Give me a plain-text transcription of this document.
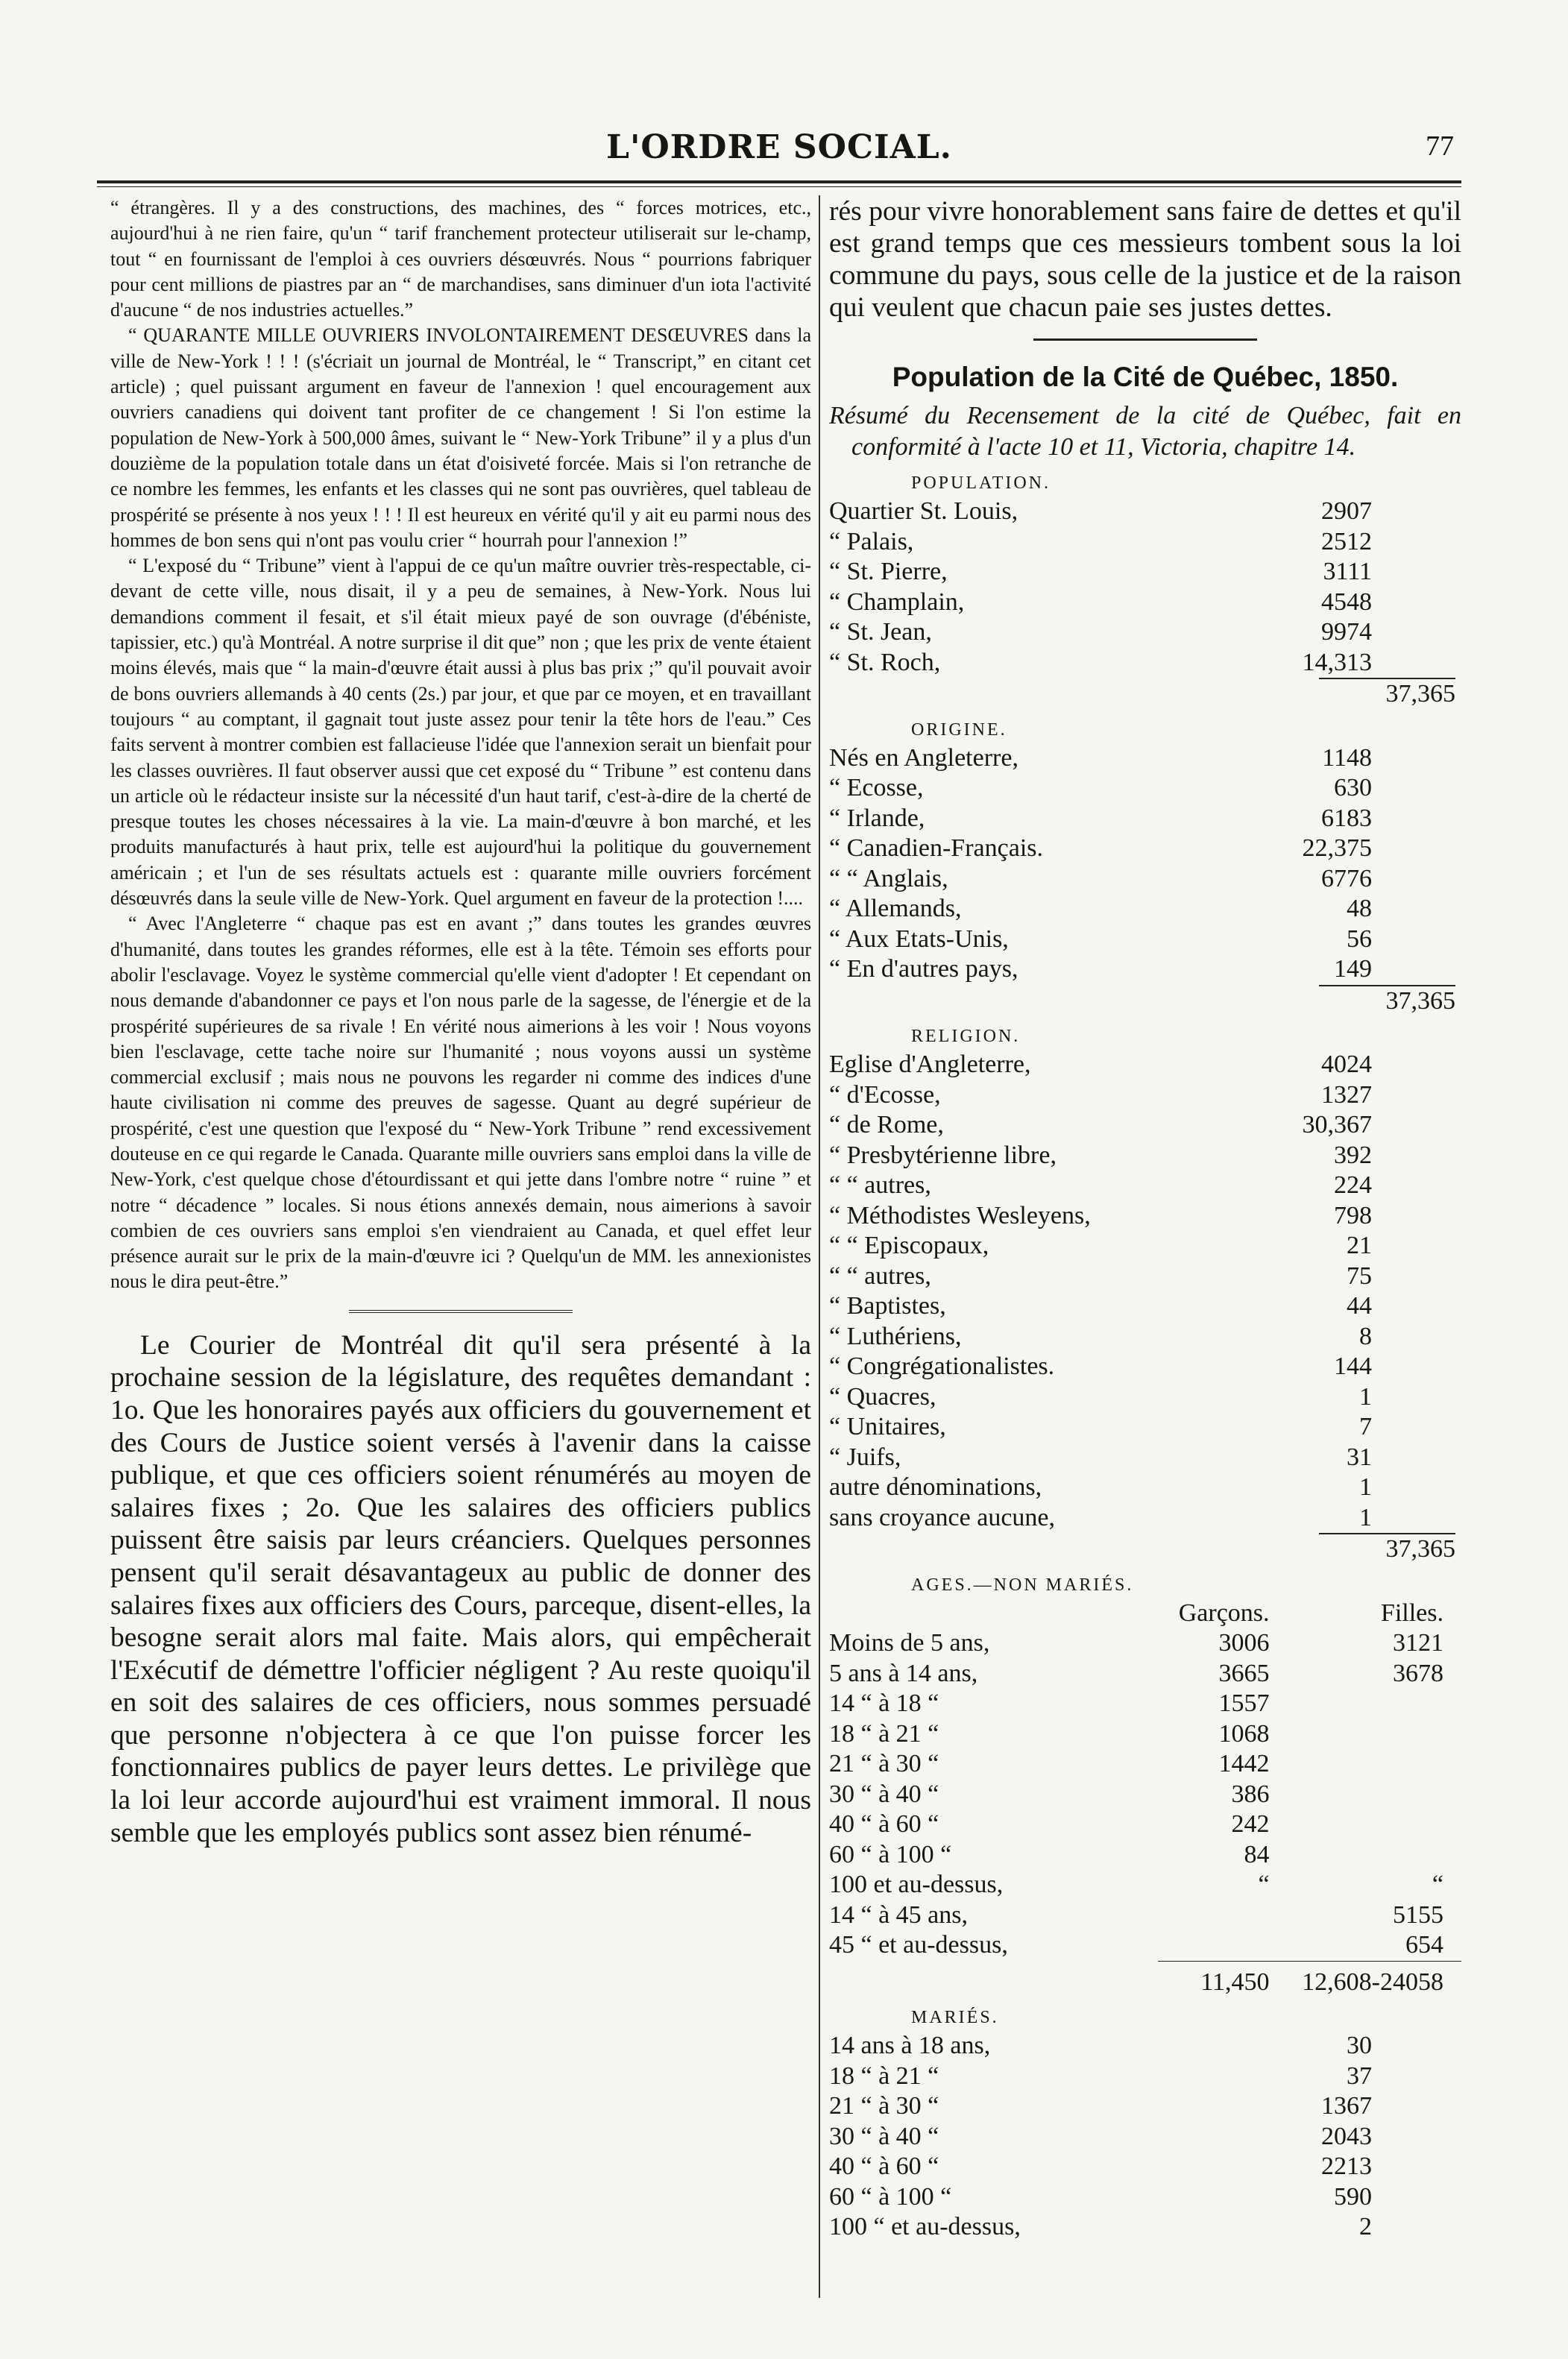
L'ORDRE SOCIAL.	77

“ étrangères. Il y a des constructions, des machines, des “ forces motrices, etc., aujourd'hui à ne rien faire, qu'un “ tarif franchement protecteur utiliserait sur le-champ, tout “ en fournissant de l'emploi à ces ouvriers désœuvrés. Nous “ pourrions fabriquer pour cent millions de piastres par an “ de marchandises, sans diminuer d'un iota l'activité d'aucune “ de nos industries actuelles.”

“ QUARANTE MILLE OUVRIERS INVOLONTAIREMENT DESŒUVRES dans la ville de New-York ! ! ! (s'écriait un journal de Montréal, le “ Transcript,” en citant cet article) ; quel puissant argument en faveur de l'annexion ! quel encouragement aux ouvriers canadiens qui doivent tant profiter de ce changement ! Si l'on estime la population de New-York à 500,000 âmes, suivant le “ New-York Tribune” il y a plus d'un douzième de la population totale dans un état d'oisiveté forcée. Mais si l'on retranche de ce nombre les femmes, les enfants et les classes qui ne sont pas ouvrières, quel tableau de prospérité se présente à nos yeux ! ! ! Il est heureux en vérité qu'il y ait eu parmi nous des hommes de bon sens qui n'ont pas voulu crier “ hourrah pour l'annexion !”

“ L'exposé du “ Tribune” vient à l'appui de ce qu'un maître ouvrier très-respectable, ci-devant de cette ville, nous disait, il y a peu de semaines, à New-York. Nous lui demandions comment il fesait, et s'il était mieux payé de son ouvrage (d'ébéniste, tapissier, etc.) qu'à Montréal. A notre surprise il dit que” non ; que les prix de vente étaient moins élevés, mais que “ la main-d'œuvre était aussi à plus bas prix ;” qu'il pouvait avoir de bons ouvriers allemands à 40 cents (2s.) par jour, et que par ce moyen, et en travaillant toujours “ au comptant, il gagnait tout juste assez pour tenir la tête hors de l'eau.” Ces faits servent à montrer combien est fallacieuse l'idée que l'annexion serait un bienfait pour les classes ouvrières. Il faut observer aussi que cet exposé du “ Tribune ” est contenu dans un article où le rédacteur insiste sur la nécessité d'un haut tarif, c'est-à-dire de la cherté de presque toutes les choses nécessaires à la vie. La main-d'œuvre à bon marché, et les produits manufacturés à haut prix, telle est aujourd'hui la politique du gouvernement américain ; et l'un de ses résultats actuels est : quarante mille ouvriers forcément désœuvrés dans la seule ville de New-York. Quel argument en faveur de la protection !....

“ Avec l'Angleterre “ chaque pas est en avant ;” dans toutes les grandes œuvres d'humanité, dans toutes les grandes réformes, elle est à la tête. Témoin ses efforts pour abolir l'esclavage. Voyez le système commercial qu'elle vient d'adopter ! Et cependant on nous demande d'abandonner ce pays et l'on nous parle de la sagesse, de l'énergie et de la prospérité supérieures de sa rivale ! En vérité nous aimerions à les voir ! Nous voyons bien l'esclavage, cette tache noire sur l'humanité ; nous voyons aussi un système commercial exclusif ; mais nous ne pouvons les regarder ni comme des indices d'une haute civilisation ni comme des preuves de sagesse. Quant au degré supérieur de prospérité, c'est une question que l'exposé du “ New-York Tribune ” rend excessivement douteuse en ce qui regarde le Canada. Quarante mille ouvriers sans emploi dans la ville de New-York, c'est quelque chose d'étourdissant et qui jette dans l'ombre notre “ ruine ” et notre “ décadence ” locales. Si nous étions annexés demain, nous aimerions à savoir combien de ces ouvriers sans emploi s'en viendraient au Canada, et quel effet leur présence aurait sur le prix de la main-d'œuvre ici ? Quelqu'un de MM. les annexionistes nous le dira peut-être.”

Le Courier de Montréal dit qu'il sera présenté à la prochaine session de la législature, des requêtes demandant : 1o. Que les honoraires payés aux officiers du gouvernement et des Cours de Justice soient versés à l'avenir dans la caisse publique, et que ces officiers soient rénumérés au moyen de salaires fixes ; 2o. Que les salaires des officiers publics puissent être saisis par leurs créanciers. Quelques personnes pensent qu'il serait désavantageux au public de donner des salaires fixes aux officiers des Cours, parceque, disent-elles, la besogne serait alors mal faite. Mais alors, qui empêcherait l'Exécutif de démettre l'officier négligent ? Au reste quoiqu'il en soit des salaires de ces officiers, nous sommes persuadé que personne n'objectera à ce que l'on puisse forcer les fonctionnaires publics de payer leurs dettes. Le privilège que la loi leur accorde aujourd'hui est vraiment immoral. Il nous semble que les employés publics sont assez bien rénumé-

rés pour vivre honorablement sans faire de dettes et qu'il est grand temps que ces messieurs tombent sous la loi commune du pays, sous celle de la justice et de la raison qui veulent que chacun paie ses justes dettes.

Population de la Cité de Québec, 1850.
Résumé du Recensement de la cité de Québec, fait en conformité à l'acte 10 et 11, Victoria, chapitre 14.
POPULATION.
Quartier St. Louis,	2907
“ Palais,	2512
“ St. Pierre,	3111
“ Champlain,	4548
“ St. Jean,	9974
“ St. Roch,	14,313
37,365	
ORIGINE.
Nés en Angleterre,	1148
“ Ecosse,	630
“ Irlande,	6183
“ Canadien-Français.	22,375
“ “ Anglais,	6776
“ Allemands,	48
“ Aux Etats-Unis,	56
“ En d'autres pays,	149
37,365	
RELIGION.
Eglise d'Angleterre,	4024
“ d'Ecosse,	1327
“ de Rome,	30,367
“ Presbytérienne libre,	392
“ “ autres,	224
“ Méthodistes Wesleyens,	798
“ “ Episcopaux,	21
“ “ autres,	75
“ Baptistes,	44
“ Luthériens,	8
“ Congrégationalistes.	144
“ Quacres,	1
“ Unitaires,	7
“ Juifs,	31
autre dénominations,	1
sans croyance aucune,	1
37,365	
AGES.—NON MARIÉS.
	Garçons.	Filles.
Moins de 5 ans,	3006	3121
5 ans à 14 ans,	3665	3678
14 “ à 18 “	1557	
18 “ à 21 “	1068	
21 “ à 30 “	1442	
30 “ à 40 “	386	
40 “ à 60 “	242	
60 “ à 100 “	84	
100 et au-dessus,	“	“
14 “ à 45 ans,		5155
45 “ et au-dessus,		654
	11,450	12,608-24058
MARIÉS.
14 ans à 18 ans,	30
18 “ à 21 “	37
21 “ à 30 “	1367
30 “ à 40 “	2043
40 “ à 60 “	2213
60 “ à 100 “	590
100 “ et au-dessus,	2
